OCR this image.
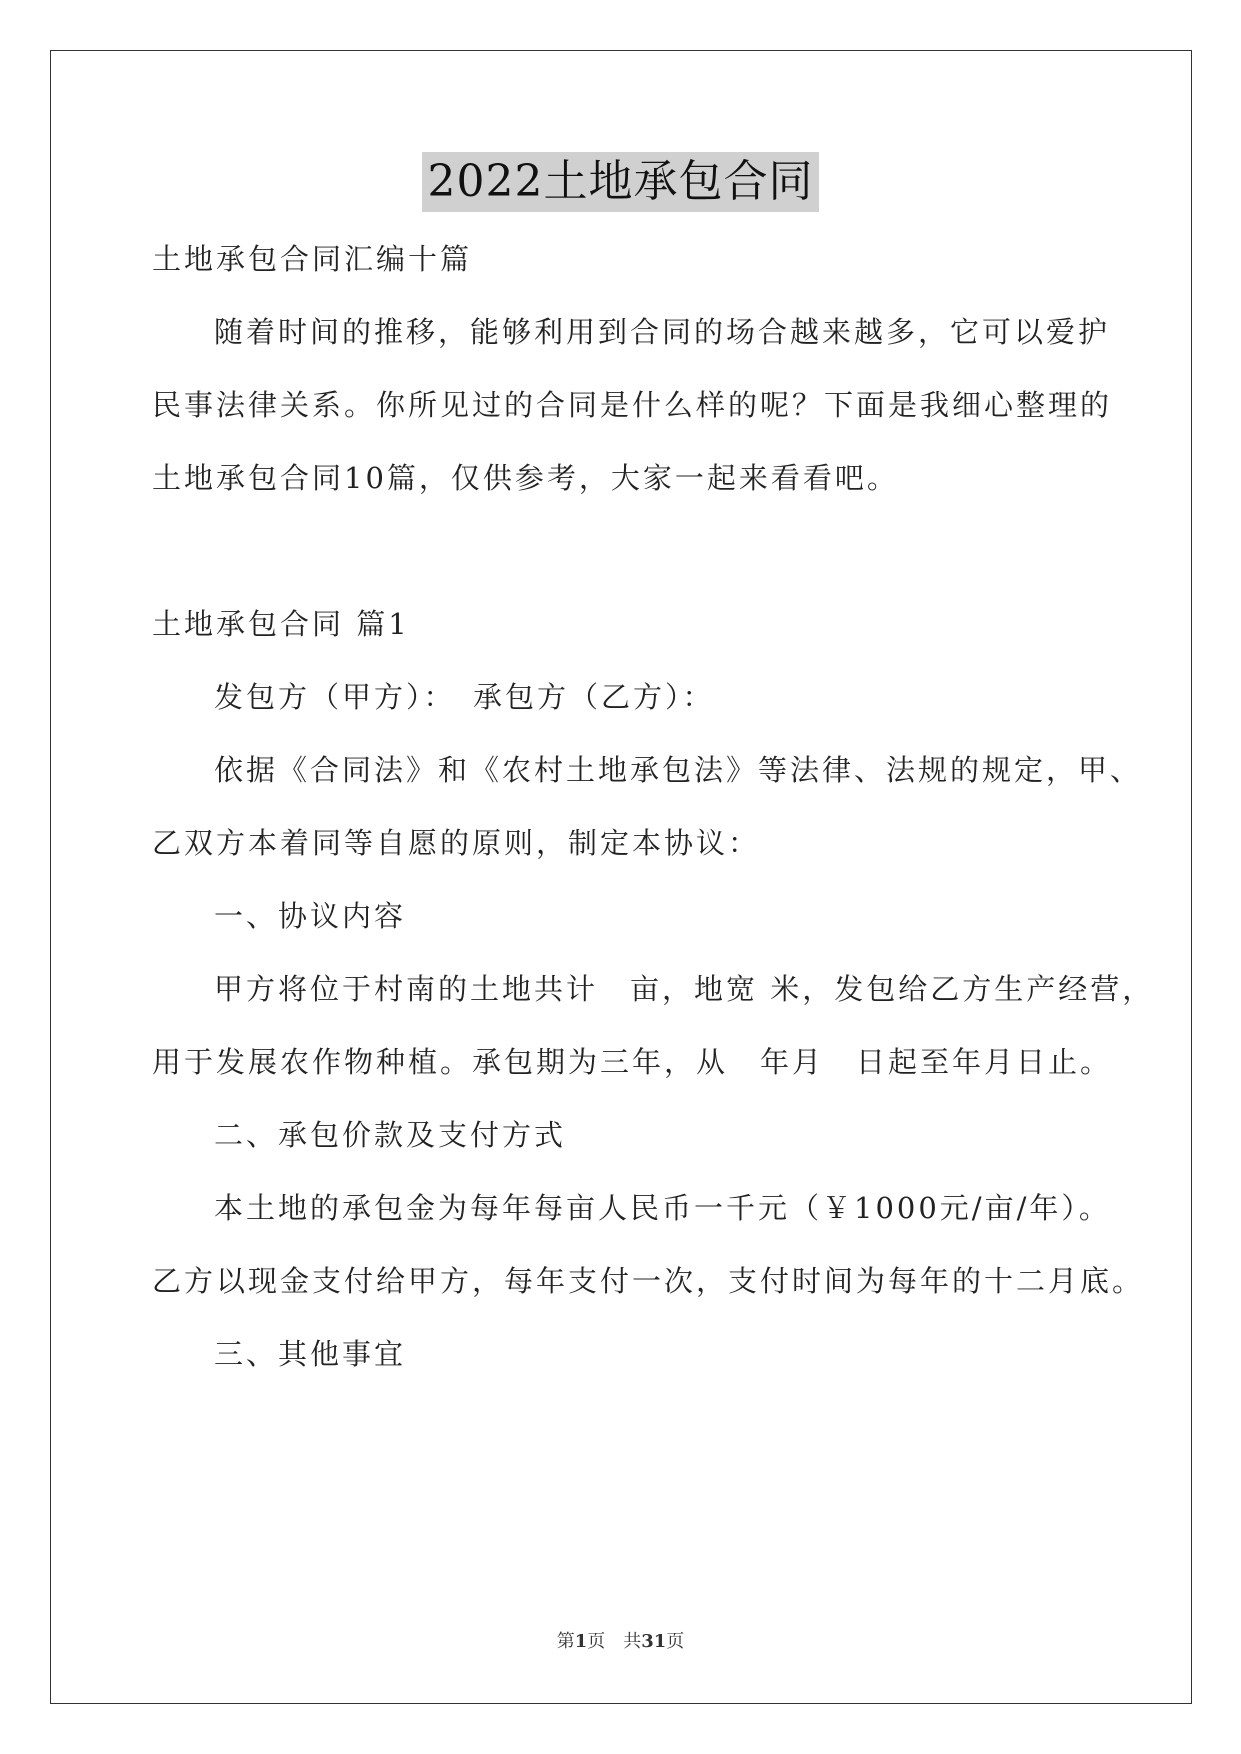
2022土地承包合同
土地承包合同汇编十篇
随着时间的推移，能够利用到合同的场合越来越多，它可以爱护
民事法律关系。你所见过的合同是什么样的呢？下面是我细心整理的
土地承包合同10篇，仅供参考，大家一起来看看吧。
土地承包合同 篇1
发包方（甲方）：　承包方（乙方）：
依据《合同法》和《农村土地承包法》等法律、法规的规定，甲、
乙双方本着同等自愿的原则，制定本协议：
一、协议内容
甲方将位于村南的土地共计　亩，地宽 米，发包给乙方生产经营，
用于发展农作物种植。承包期为三年，从　年月　日起至年月日止。
二、承包价款及支付方式
本土地的承包金为每年每亩人民币一千元（￥1000元/亩/年）。
乙方以现金支付给甲方，每年支付一次，支付时间为每年的十二月底。
三、其他事宜
第1页　共31页
